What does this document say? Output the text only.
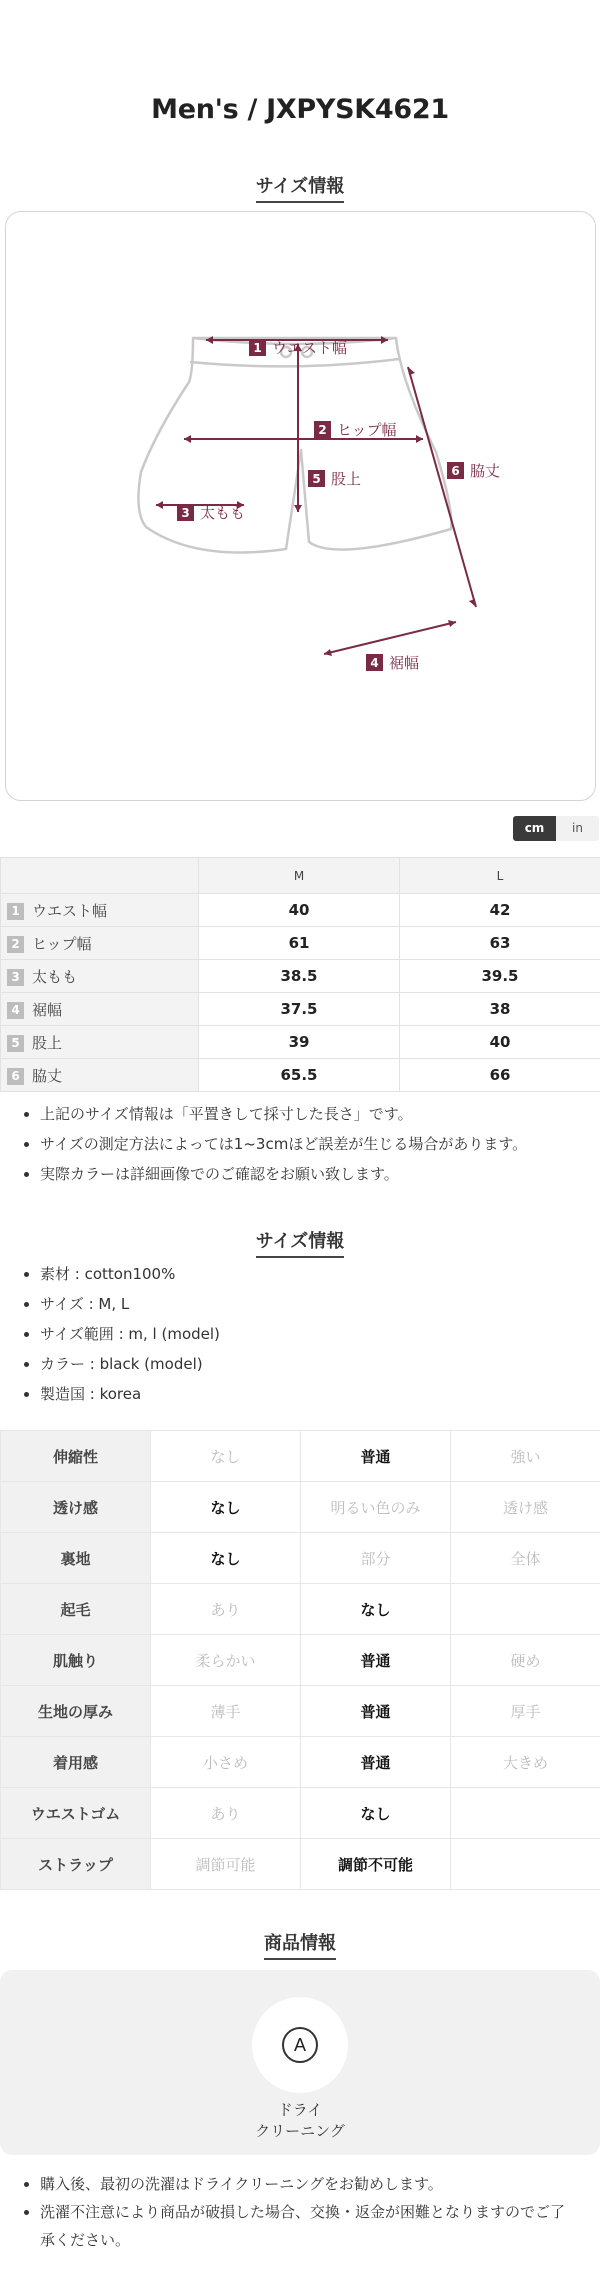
Men's / JXPYSK4621
サイズ情報
1 ウエスト幅
2 ヒップ幅
3 太もも
4 裾幅
5 股上	6 脇丈
cm	in
	M	L
1 ウエスト幅	40	42
2 ヒップ幅	61	63
3 太もも	38.5	39.5
4 裾幅	37.5	38
5 股上	39	40
6 脇丈	65.5	66
• 上記のサイズ情報は「平置きして採寸した長さ」です。
• サイズの測定方法によっては1~3cmほど誤差が生じる場合があります。
• 実際カラーは詳細画像でのご確認をお願い致します。
サイズ情報
• 素材 : cotton100%
• サイズ : M, L
• サイズ範囲 : m, l (model)
• カラー : black (model)
• 製造国 : korea
伸縮性	なし	普通	強い
透け感	なし	明るい色のみ	透け感
裏地	なし	部分	全体
起毛	あり	なし	
肌触り	柔らかい	普通	硬め
生地の厚み	薄手	普通	厚手
着用感	小さめ	普通	大きめ
ウエストゴム	あり	なし	
ストラップ	調節可能	調節不可能	
商品情報
A
ドライ
クリーニング
• 購入後、最初の洗濯はドライクリーニングをお勧めします。
• 洗濯不注意により商品が破損した場合、交換・返金が困難となりますのでご了承ください。
